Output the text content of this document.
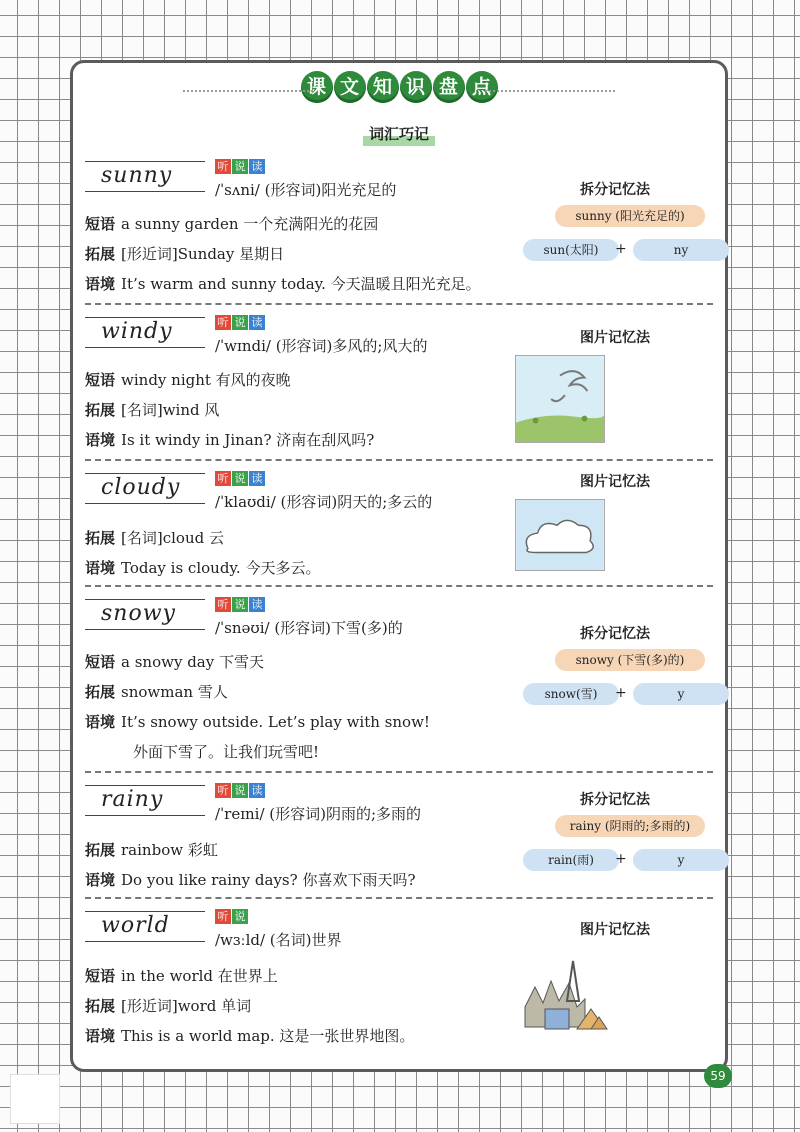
课 文 知 识 盘 点
词汇巧记
sunny	听 说 读
/ˈsʌni/ (形容词)阳光充足的
短语 a sunny garden 一个充满阳光的花园
拓展 [形近词]Sunday 星期日
语境 It’s warm and sunny today. 今天温暖且阳光充足。
拆分记忆法
sunny (阳光充足的)
sun(太阳)	+	ny
windy	听 说 读
/ˈwɪndi/ (形容词)多风的;风大的
短语 windy night 有风的夜晚
拓展 [名词]wind 风
语境 Is it windy in Jinan? 济南在刮风吗?
图片记忆法
cloudy	听 说 读
/ˈklaʊdi/ (形容词)阴天的;多云的
拓展 [名词]cloud 云
语境 Today is cloudy. 今天多云。
图片记忆法
snowy	听 说 读
/ˈsnəʊi/ (形容词)下雪(多)的
短语 a snowy day 下雪天
拓展 snowman 雪人
语境 It’s snowy outside. Let’s play with snow!
外面下雪了。让我们玩雪吧!
拆分记忆法
snowy (下雪(多)的)
snow(雪)	+	y
rainy	听 说 读
/ˈreɪni/ (形容词)阴雨的;多雨的
拓展 rainbow 彩虹
语境 Do you like rainy days? 你喜欢下雨天吗?
拆分记忆法
rainy (阴雨的;多雨的)
rain(雨)	+	y
world	听 说
/wɜːld/ (名词)世界
短语 in the world 在世界上
拓展 [形近词]word 单词
语境 This is a world map. 这是一张世界地图。
图片记忆法
59
